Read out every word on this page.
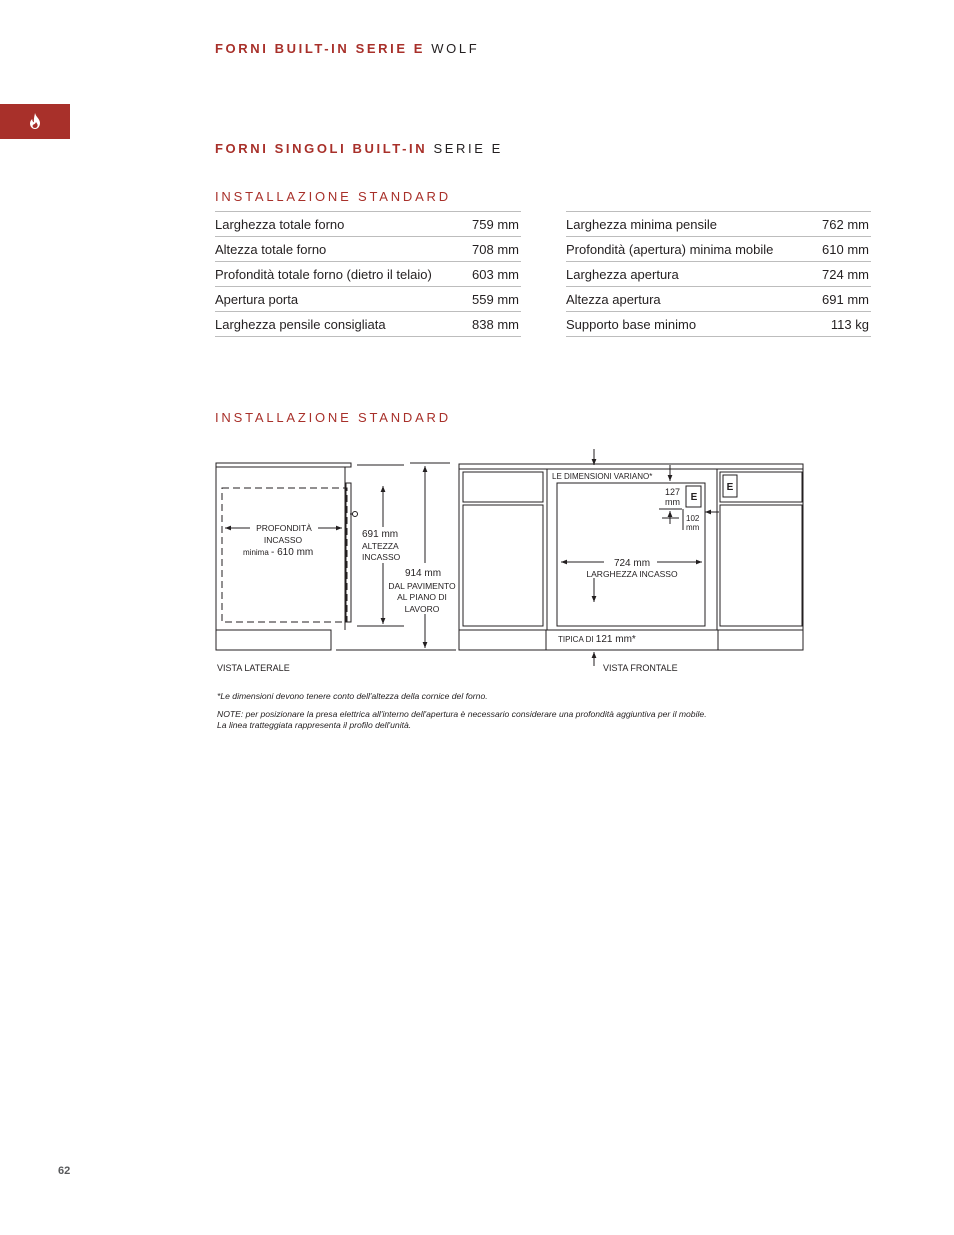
FORNI BUILT-IN SERIE E WOLF
FORNI SINGOLI BUILT-IN SERIE E
INSTALLAZIONE STANDARD
Larghezza totale forno	759 mm
Altezza totale forno	708 mm
Profondità totale forno (dietro il telaio)	603 mm
Apertura porta	559 mm
Larghezza pensile consigliata	838 mm
Larghezza minima pensile	762 mm
Profondità (apertura) minima mobile	610 mm
Larghezza apertura	724 mm
Altezza apertura	691 mm
Supporto base minimo	113 kg
INSTALLAZIONE STANDARD
PROFONDITÀ
INCASSO
minima - 610 mm
691 mm
ALTEZZA
INCASSO
914 mm
DAL PAVIMENTO
AL PIANO DI
LAVORO
VISTA LATERALE
LE DIMENSIONI VARIANO*
127
mm E
E
102
mm
724 mm
LARGHEZZA INCASSO
TIPICA DI 121 mm*
VISTA FRONTALE

*Le dimensioni devono tenere conto dell'altezza della cornice del forno.

NOTE: per posizionare la presa elettrica all'interno dell'apertura è necessario considerare una profondità aggiuntiva per il mobile.

La linea tratteggiata rappresenta il profilo dell'unità.

62
